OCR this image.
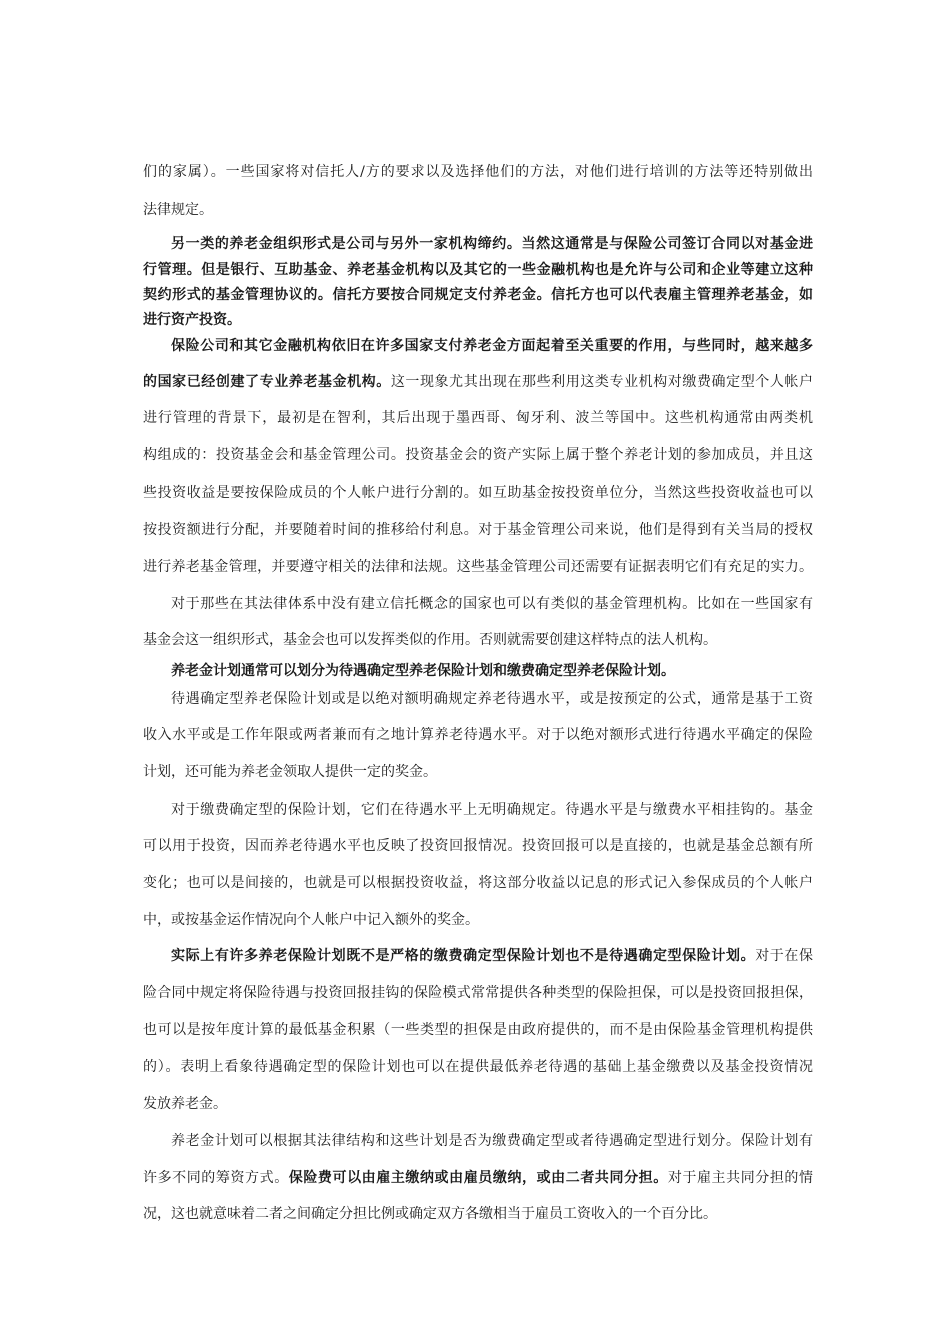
们的家属）。一些国家将对信托人/方的要求以及选择他们的方法，对他们进行培训的方法等还特别做出
法律规定。
另一类的养老金组织形式是公司与另外一家机构缔约。当然这通常是与保险公司签订合同以对基金进
行管理。但是银行、互助基金、养老基金机构以及其它的一些金融机构也是允许与公司和企业等建立这种
契约形式的基金管理协议的。信托方要按合同规定支付养老金。信托方也可以代表雇主管理养老基金，如
进行资产投资。
保险公司和其它金融机构依旧在许多国家支付养老金方面起着至关重要的作用，与些同时，越来越多
的国家已经创建了专业养老基金机构。这一现象尤其出现在那些利用这类专业机构对缴费确定型个人帐户
进行管理的背景下，最初是在智利，其后出现于墨西哥、匈牙利、波兰等国中。这些机构通常由两类机
构组成的：投资基金会和基金管理公司。投资基金会的资产实际上属于整个养老计划的参加成员，并且这
些投资收益是要按保险成员的个人帐户进行分割的。如互助基金按投资单位分，当然这些投资收益也可以
按投资额进行分配，并要随着时间的推移给付利息。对于基金管理公司来说，他们是得到有关当局的授权
进行养老基金管理，并要遵守相关的法律和法规。这些基金管理公司还需要有证据表明它们有充足的实力。
对于那些在其法律体系中没有建立信托概念的国家也可以有类似的基金管理机构。比如在一些国家有
基金会这一组织形式，基金会也可以发挥类似的作用。否则就需要创建这样特点的法人机构。
养老金计划通常可以划分为待遇确定型养老保险计划和缴费确定型养老保险计划。
待遇确定型养老保险计划或是以绝对额明确规定养老待遇水平，或是按预定的公式，通常是基于工资
收入水平或是工作年限或两者兼而有之地计算养老待遇水平。对于以绝对额形式进行待遇水平确定的保险
计划，还可能为养老金领取人提供一定的奖金。
对于缴费确定型的保险计划，它们在待遇水平上无明确规定。待遇水平是与缴费水平相挂钩的。基金
可以用于投资，因而养老待遇水平也反映了投资回报情况。投资回报可以是直接的，也就是基金总额有所
变化；也可以是间接的，也就是可以根据投资收益，将这部分收益以记息的形式记入参保成员的个人帐户
中，或按基金运作情况向个人帐户中记入额外的奖金。
实际上有许多养老保险计划既不是严格的缴费确定型保险计划也不是待遇确定型保险计划。对于在保
险合同中规定将保险待遇与投资回报挂钩的保险模式常常提供各种类型的保险担保，可以是投资回报担保，
也可以是按年度计算的最低基金积累（一些类型的担保是由政府提供的，而不是由保险基金管理机构提供
的）。表明上看象待遇确定型的保险计划也可以在提供最低养老待遇的基础上基金缴费以及基金投资情况
发放养老金。
养老金计划可以根据其法律结构和这些计划是否为缴费确定型或者待遇确定型进行划分。保险计划有
许多不同的筹资方式。保险费可以由雇主缴纳或由雇员缴纳，或由二者共同分担。对于雇主共同分担的情
况，这也就意味着二者之间确定分担比例或确定双方各缴相当于雇员工资收入的一个百分比。
